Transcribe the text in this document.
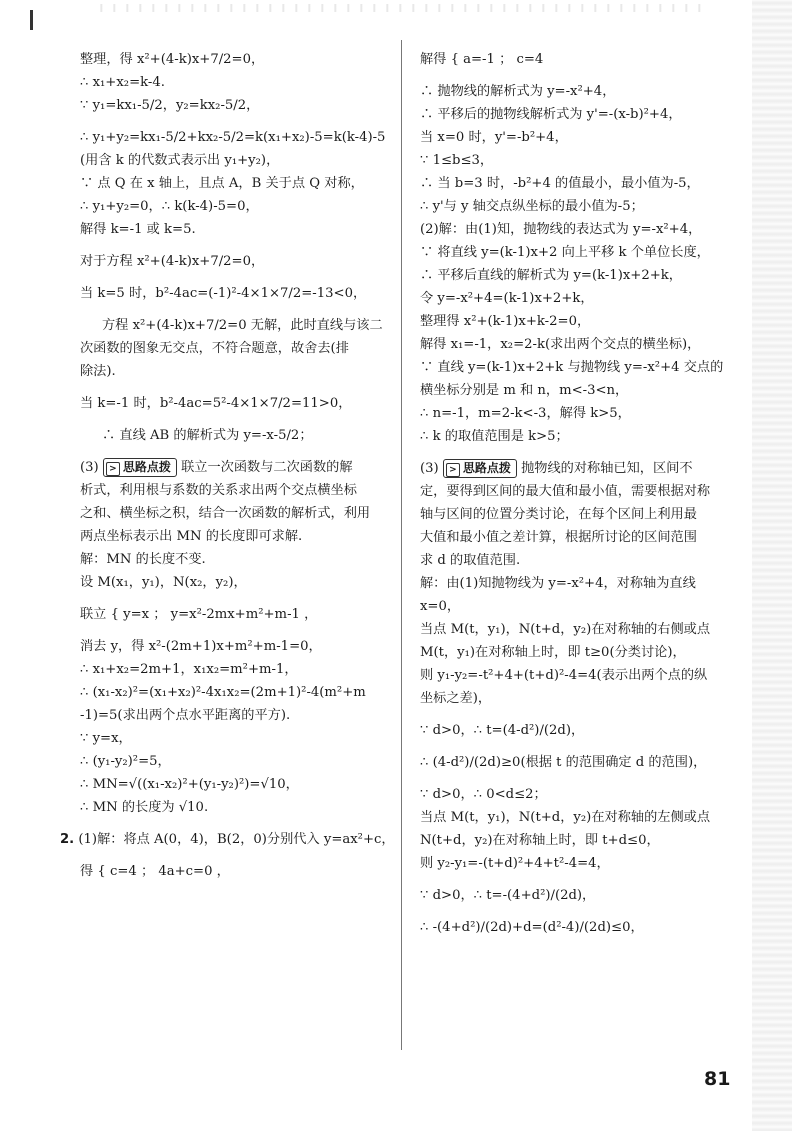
整理，得 x²+(4-k)x+7/2=0，
∴ x₁+x₂=k-4.
∵ y₁=kx₁-5/2，y₂=kx₂-5/2，
∴ y₁+y₂=kx₁-5/2+kx₂-5/2=k(x₁+x₂)-5=k(k-4)-5
(用含 k 的代数式表示出 y₁+y₂)，
∵ 点 Q 在 x 轴上，且点 A，B 关于点 Q 对称，
∴ y₁+y₂=0，∴ k(k-4)-5=0，
解得 k=-1 或 k=5.
对于方程 x²+(4-k)x+7/2=0，
当 k=5 时，b²-4ac=(-1)²-4×1×7/2=-13<0，
方程 x²+(4-k)x+7/2=0 无解，此时直线与该二
次函数的图象无交点，不符合题意，故舍去(排
除法).
当 k=-1 时，b²-4ac=5²-4×1×7/2=11>0，
∴ 直线 AB 的解析式为 y=-x-5/2；
(3) > 思路点拨 联立一次函数与二次函数的解
析式，利用根与系数的关系求出两个交点横坐标
之和、横坐标之积，结合一次函数的解析式，利用
两点坐标表示出 MN 的长度即可求解.
解：MN 的长度不变.
设 M(x₁，y₁)，N(x₂，y₂)，
联立 { y=x ； y=x²-2mx+m²+m-1 ，
消去 y，得 x²-(2m+1)x+m²+m-1=0，
∴ x₁+x₂=2m+1，x₁x₂=m²+m-1，
∴ (x₁-x₂)²=(x₁+x₂)²-4x₁x₂=(2m+1)²-4(m²+m
-1)=5(求出两个点水平距离的平方).
∵ y=x，
∴ (y₁-y₂)²=5，
∴ MN=√((x₁-x₂)²+(y₁-y₂)²)=√10，
∴ MN 的长度为 √10.
2. (1)解：将点 A(0，4)，B(2，0)分别代入 y=ax²+c，
得 { c=4 ； 4a+c=0 ，
解得 { a=-1 ； c=4
∴ 抛物线的解析式为 y=-x²+4，
∴ 平移后的抛物线解析式为 y'=-(x-b)²+4，
当 x=0 时，y'=-b²+4，
∵ 1≤b≤3，
∴ 当 b=3 时，-b²+4 的值最小，最小值为-5，
∴ y'与 y 轴交点纵坐标的最小值为-5；
(2)解：由(1)知，抛物线的表达式为 y=-x²+4，
∵ 将直线 y=(k-1)x+2 向上平移 k 个单位长度，
∴ 平移后直线的解析式为 y=(k-1)x+2+k，
令 y=-x²+4=(k-1)x+2+k，
整理得 x²+(k-1)x+k-2=0，
解得 x₁=-1，x₂=2-k(求出两个交点的横坐标)，
∵ 直线 y=(k-1)x+2+k 与抛物线 y=-x²+4 交点的
横坐标分别是 m 和 n，m<-3<n，
∴ n=-1，m=2-k<-3，解得 k>5，
∴ k 的取值范围是 k>5；
(3) > 思路点拨 抛物线的对称轴已知，区间不
定，要得到区间的最大值和最小值，需要根据对称
轴与区间的位置分类讨论，在每个区间上利用最
大值和最小值之差计算，根据所讨论的区间范围
求 d 的取值范围.
解：由(1)知抛物线为 y=-x²+4，对称轴为直线
x=0，
当点 M(t，y₁)，N(t+d，y₂)在对称轴的右侧或点
M(t，y₁)在对称轴上时，即 t≥0(分类讨论)，
则 y₁-y₂=-t²+4+(t+d)²-4=4(表示出两个点的纵
坐标之差)，
∵ d>0，∴ t=(4-d²)/(2d)，
∴ (4-d²)/(2d)≥0(根据 t 的范围确定 d 的范围)，
∵ d>0，∴ 0<d≤2；
当点 M(t，y₁)，N(t+d，y₂)在对称轴的左侧或点
N(t+d，y₂)在对称轴上时，即 t+d≤0，
则 y₂-y₁=-(t+d)²+4+t²-4=4，
∵ d>0，∴ t=-(4+d²)/(2d)，
∴ -(4+d²)/(2d)+d=(d²-4)/(2d)≤0，
81
